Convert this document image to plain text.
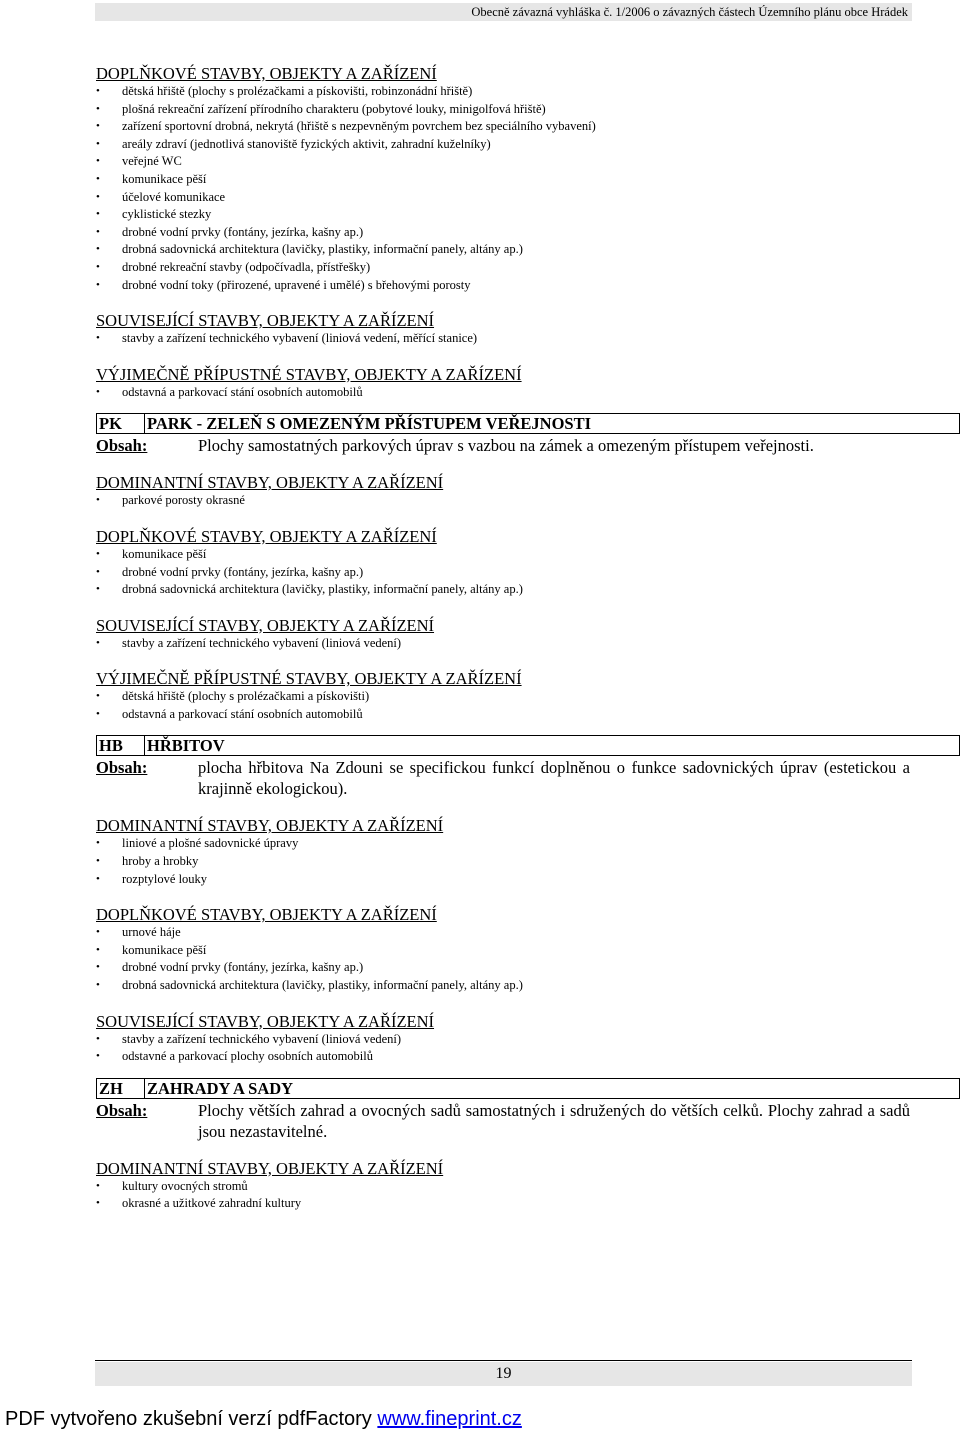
Obecně závazná vyhláška č. 1/2006 o závazných částech Územního plánu obce Hrádek
DOPLŇKOVÉ STAVBY, OBJEKTY A ZAŘÍZENÍ
• dětská hřiště (plochy s prolézačkami a pískovišti, robinzonádní hřiště)
• plošná rekreační zařízení přírodního charakteru (pobytové louky, minigolfová hřiště)
• zařízení sportovní drobná, nekrytá (hřiště s nezpevněným povrchem bez speciálního vybavení)
• areály zdraví (jednotlivá stanoviště fyzických aktivit, zahradní kuželníky)
• veřejné WC
• komunikace pěší
• účelové komunikace
• cyklistické stezky
• drobné vodní prvky (fontány, jezírka, kašny ap.)
• drobná sadovnická architektura (lavičky, plastiky, informační panely, altány ap.)
• drobné rekreační stavby (odpočívadla, přístřešky)
• drobné vodní toky (přirozené, upravené i umělé) s břehovými porosty
SOUVISEJÍCÍ STAVBY, OBJEKTY A ZAŘÍZENÍ
• stavby a zařízení technického vybavení (liniová vedení, měřící stanice)
VÝJIMEČNĚ PŘÍPUSTNÉ STAVBY, OBJEKTY A ZAŘÍZENÍ
• odstavná a parkovací stání osobních automobilů
PK	PARK - ZELEŇ S OMEZENÝM PŘÍSTUPEM VEŘEJNOSTI
Obsah:	Plochy samostatných parkových úprav s vazbou na zámek a omezeným přístupem veřejnosti.
DOMINANTNÍ STAVBY, OBJEKTY A ZAŘÍZENÍ
• parkové porosty okrasné
DOPLŇKOVÉ STAVBY, OBJEKTY A ZAŘÍZENÍ
• komunikace pěší
• drobné vodní prvky (fontány, jezírka, kašny ap.)
• drobná sadovnická architektura (lavičky, plastiky, informační panely, altány ap.)
SOUVISEJÍCÍ STAVBY, OBJEKTY A ZAŘÍZENÍ
• stavby a zařízení technického vybavení (liniová vedení)
VÝJIMEČNĚ PŘÍPUSTNÉ STAVBY, OBJEKTY A ZAŘÍZENÍ
• dětská hřiště (plochy s prolézačkami a pískovišti)
• odstavná a parkovací stání osobních automobilů
HB	HŘBITOV
Obsah:	plocha hřbitova Na Zdouni se specifickou funkcí doplněnou o funkce sadovnických úprav (estetickou a krajinně ekologickou).
DOMINANTNÍ STAVBY, OBJEKTY A ZAŘÍZENÍ
• liniové a plošné sadovnické úpravy
• hroby a hrobky
• rozptylové louky
DOPLŇKOVÉ STAVBY, OBJEKTY A ZAŘÍZENÍ
• urnové háje
• komunikace pěší
• drobné vodní prvky (fontány, jezírka, kašny ap.)
• drobná sadovnická architektura (lavičky, plastiky, informační panely, altány ap.)
SOUVISEJÍCÍ STAVBY, OBJEKTY A ZAŘÍZENÍ
• stavby a zařízení technického vybavení (liniová vedení)
• odstavné a parkovací plochy osobních automobilů
ZH	ZAHRADY A SADY
Obsah:	Plochy větších zahrad a ovocných sadů samostatných i sdružených do větších celků. Plochy zahrad a sadů jsou nezastavitelné.
DOMINANTNÍ STAVBY, OBJEKTY A ZAŘÍZENÍ
• kultury ovocných stromů
• okrasné a užitkové zahradní kultury
19
PDF vytvořeno zkušební verzí pdfFactory www.fineprint.cz
